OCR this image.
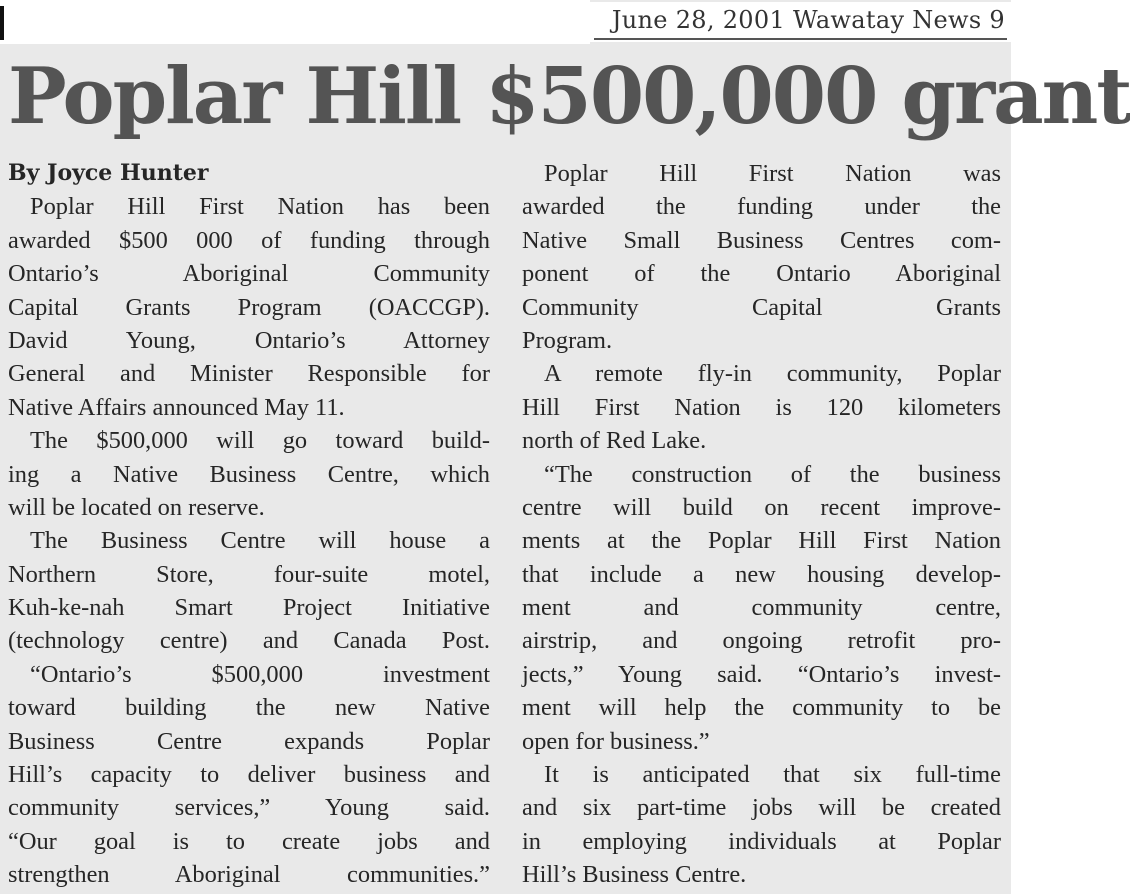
June 28, 2001 Wawatay News 9
Poplar Hill $500,000 grant
By Joyce Hunter
Poplar Hill First Nation has been
awarded $500 000 of funding through
Ontario’s Aboriginal Community
Capital Grants Program (OACCGP).
David Young, Ontario’s Attorney
General and Minister Responsible for
Native Affairs announced May 11.
The $500,000 will go toward build-
ing a Native Business Centre, which
will be located on reserve.
The Business Centre will house a
Northern Store, four-suite motel,
Kuh-ke-nah Smart Project Initiative
(technology centre) and Canada Post.
“Ontario’s $500,000 investment
toward building the new Native
Business Centre expands Poplar
Hill’s capacity to deliver business and
community services,” Young said.
“Our goal is to create jobs and
strengthen Aboriginal communities.”
Poplar Hill First Nation was
awarded the funding under the
Native Small Business Centres com-
ponent of the Ontario Aboriginal
Community Capital Grants
Program.
A remote fly-in community, Poplar
Hill First Nation is 120 kilometers
north of Red Lake.
“The construction of the business
centre will build on recent improve-
ments at the Poplar Hill First Nation
that include a new housing develop-
ment and community centre,
airstrip, and ongoing retrofit pro-
jects,” Young said. “Ontario’s invest-
ment will help the community to be
open for business.”
It is anticipated that six full-time
and six part-time jobs will be created
in employing individuals at Poplar
Hill’s Business Centre.
